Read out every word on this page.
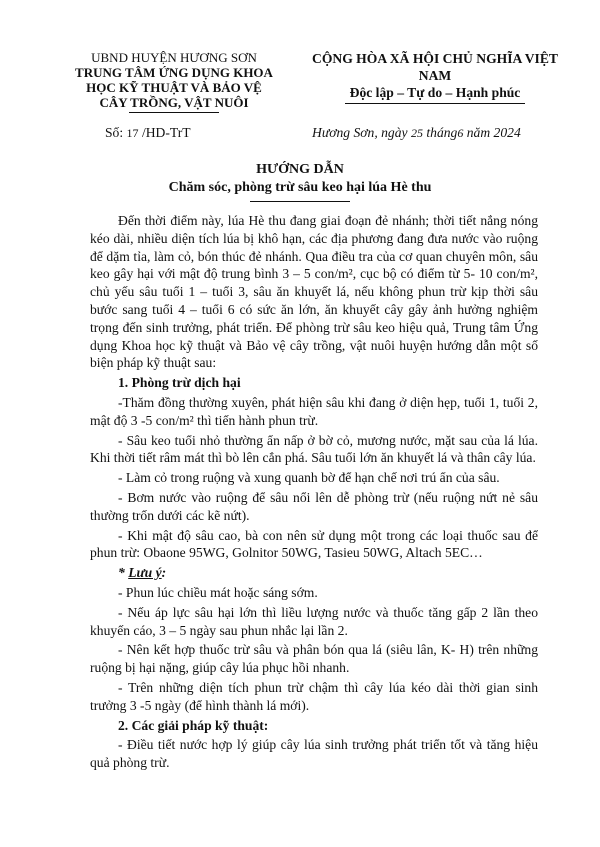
UBND HUYỆN HƯƠNG SƠN
TRUNG TÂM ỨNG DỤNG KHOA
HỌC KỸ THUẬT VÀ BẢO VỆ
CÂY TRỒNG, VẬT NUÔI
CỘNG HÒA XÃ HỘI CHỦ NGHĨA VIỆT NAM
Độc lập – Tự do – Hạnh phúc
Số: 17 /HD-TrT	Hương Sơn, ngày 25 tháng6 năm 2024
HƯỚNG DẪN
Chăm sóc, phòng trừ sâu keo hại lúa Hè thu

Đến thời điểm này, lúa Hè thu đang giai đoạn đẻ nhánh; thời tiết nắng nóng kéo dài, nhiều diện tích lúa bị khô hạn, các địa phương đang đưa nước vào ruộng để dặm tỉa, làm cỏ, bón thúc đẻ nhánh. Qua điều tra của cơ quan chuyên môn, sâu keo gây hại với mật độ trung bình 3 – 5 con/m², cục bộ có điểm từ 5- 10 con/m², chủ yếu sâu tuổi 1 – tuổi 3, sâu ăn khuyết lá, nếu không phun trừ kịp thời sâu bước sang tuổi 4 – tuổi 6 có sức ăn lớn, ăn khuyết cây gây ảnh hưởng nghiệm trọng đến sinh trưởng, phát triển. Để phòng trừ sâu keo hiệu quả, Trung tâm Ứng dụng Khoa học kỹ thuật và Bảo vệ cây trồng, vật nuôi huyện hướng dẫn một số biện pháp kỹ thuật sau:

1. Phòng trừ dịch hại

-Thăm đồng thường xuyên, phát hiện sâu khi đang ở diện hẹp, tuổi 1, tuổi 2, mật độ 3 -5 con/m² thì tiến hành phun trừ.

- Sâu keo tuổi nhỏ thường ẩn nấp ở bờ cỏ, mương nước, mặt sau của lá lúa. Khi thời tiết râm mát thì bò lên cắn phá. Sâu tuổi lớn ăn khuyết lá và thân cây lúa.

- Làm cỏ trong ruộng và xung quanh bờ để hạn chế nơi trú ẩn của sâu.

- Bơm nước vào ruộng để sâu nổi lên dễ phòng trừ (nếu ruộng nứt nẻ sâu thường trốn dưới các kẽ nứt).

- Khi mật độ sâu cao, bà con nên sử dụng một trong các loại thuốc sau để phun trừ: Obaone 95WG, Golnitor 50WG, Tasieu 50WG, Altach 5EC…

* Lưu ý:

- Phun lúc chiều mát hoặc sáng sớm.

- Nếu áp lực sâu hại lớn thì liều lượng nước và thuốc tăng gấp 2 lần theo khuyến cáo, 3 – 5 ngày sau phun nhắc lại lần 2.

- Nên kết hợp thuốc trừ sâu và phân bón qua lá (siêu lân, K- H) trên những ruộng bị hại nặng, giúp cây lúa phục hồi nhanh.

- Trên những diện tích phun trừ chậm thì cây lúa kéo dài thời gian sinh trưởng 3 -5 ngày (để hình thành lá mới).

2. Các giải pháp kỹ thuật:

- Điều tiết nước hợp lý giúp cây lúa sinh trưởng phát triển tốt và tăng hiệu quả phòng trừ.
